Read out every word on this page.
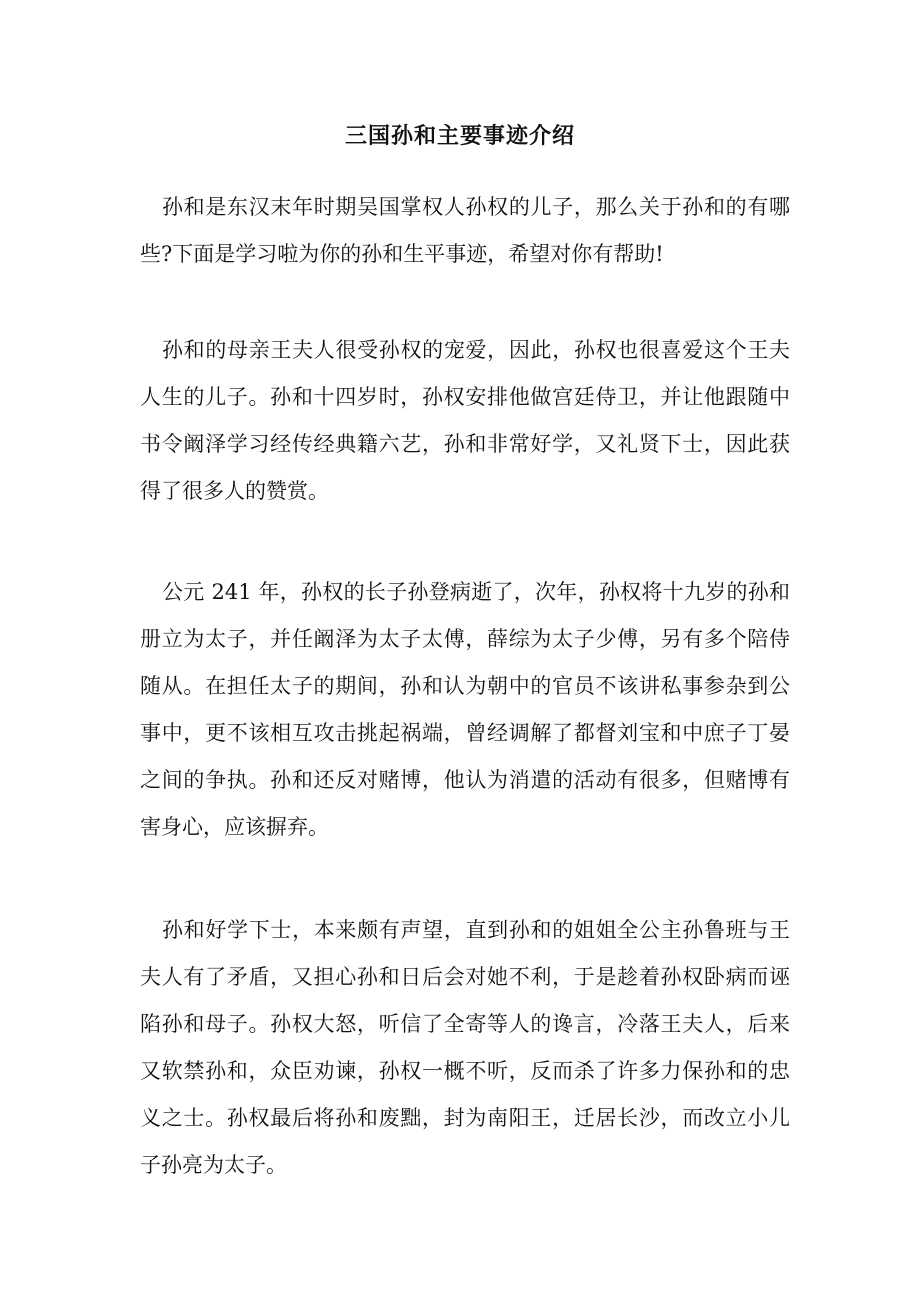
三国孙和主要事迹介绍

孙和是东汉末年时期吴国掌权人孙权的儿子，那么关于孙和的有哪些?下面是学习啦为你的孙和生平事迹，希望对你有帮助!

孙和的母亲王夫人很受孙权的宠爱，因此，孙权也很喜爱这个王夫人生的儿子。孙和十四岁时，孙权安排他做宫廷侍卫，并让他跟随中书令阚泽学习经传经典籍六艺，孙和非常好学，又礼贤下士，因此获得了很多人的赞赏。

公元 241 年，孙权的长子孙登病逝了，次年，孙权将十九岁的孙和册立为太子，并任阚泽为太子太傅，薛综为太子少傅，另有多个陪侍随从。在担任太子的期间，孙和认为朝中的官员不该讲私事参杂到公事中，更不该相互攻击挑起祸端，曾经调解了都督刘宝和中庶子丁晏之间的争执。孙和还反对赌博，他认为消遣的活动有很多，但赌博有害身心，应该摒弃。

孙和好学下士，本来颇有声望，直到孙和的姐姐全公主孙鲁班与王夫人有了矛盾，又担心孙和日后会对她不利，于是趁着孙权卧病而诬陷孙和母子。孙权大怒，听信了全寄等人的谗言，冷落王夫人，后来又软禁孙和，众臣劝谏，孙权一概不听，反而杀了许多力保孙和的忠义之士。孙权最后将孙和废黜，封为南阳王，迁居长沙，而改立小儿子孙亮为太子。
